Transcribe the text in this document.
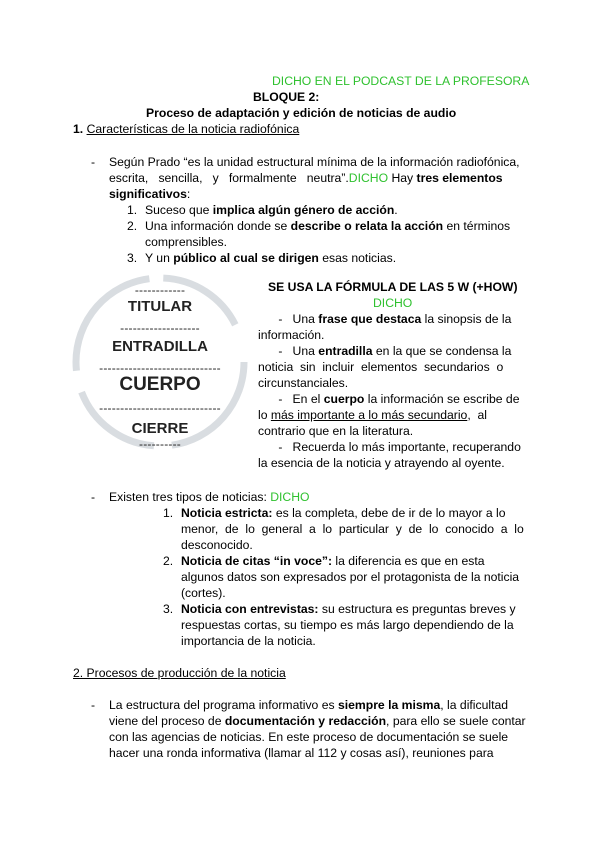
DICHO EN EL PODCAST DE LA PROFESORA
BLOQUE 2:
Proceso de adaptación y edición de noticias de audio
1. Características de la noticia radiofónica
- Según Prado “es la unidad estructural mínima de la información radiofónica,
escrita,   sencilla,   y   formalmente   neutra”.DICHO Hay tres elementos
significativos:
1. Suceso que implica algún género de acción.
2. Una información donde se describe o relata la acción en términos
comprensibles.
3. Y un público al cual se dirigen esas noticias.
------------
TITULAR
-------------------
ENTRADILLA
-----------------------------
CUERPO
-----------------------------
CIERRE
----------
SE USA LA FÓRMULA DE LAS 5 W (+HOW)
DICHO
-   Una frase que destaca la sinopsis de la
información.
-   Una entradilla en la que se condensa la
noticia  sin  incluir  elementos  secundarios  o
circunstanciales.
-   En el cuerpo la información se escribe de
lo más importante a lo más secundario,  al
contrario que en la literatura.
-   Recuerda lo más importante, recuperando
la esencia de la noticia y atrayendo al oyente.
- Existen tres tipos de noticias: DICHO
1. Noticia estricta: es la completa, debe de ir de lo mayor a lo
menor,  de  lo  general  a  lo  particular  y  de  lo  conocido  a  lo
desconocido.
2. Noticia de citas “in voce”: la diferencia es que en esta
algunos datos son expresados por el protagonista de la noticia
(cortes).
3. Noticia con entrevistas: su estructura es preguntas breves y
respuestas cortas, su tiempo es más largo dependiendo de la
importancia de la noticia.
2. Procesos de producción de la noticia
- La estructura del programa informativo es siempre la misma, la dificultad
viene del proceso de documentación y redacción, para ello se suele contar
con las agencias de noticias. En este proceso de documentación se suele
hacer una ronda informativa (llamar al 112 y cosas así), reuniones para
